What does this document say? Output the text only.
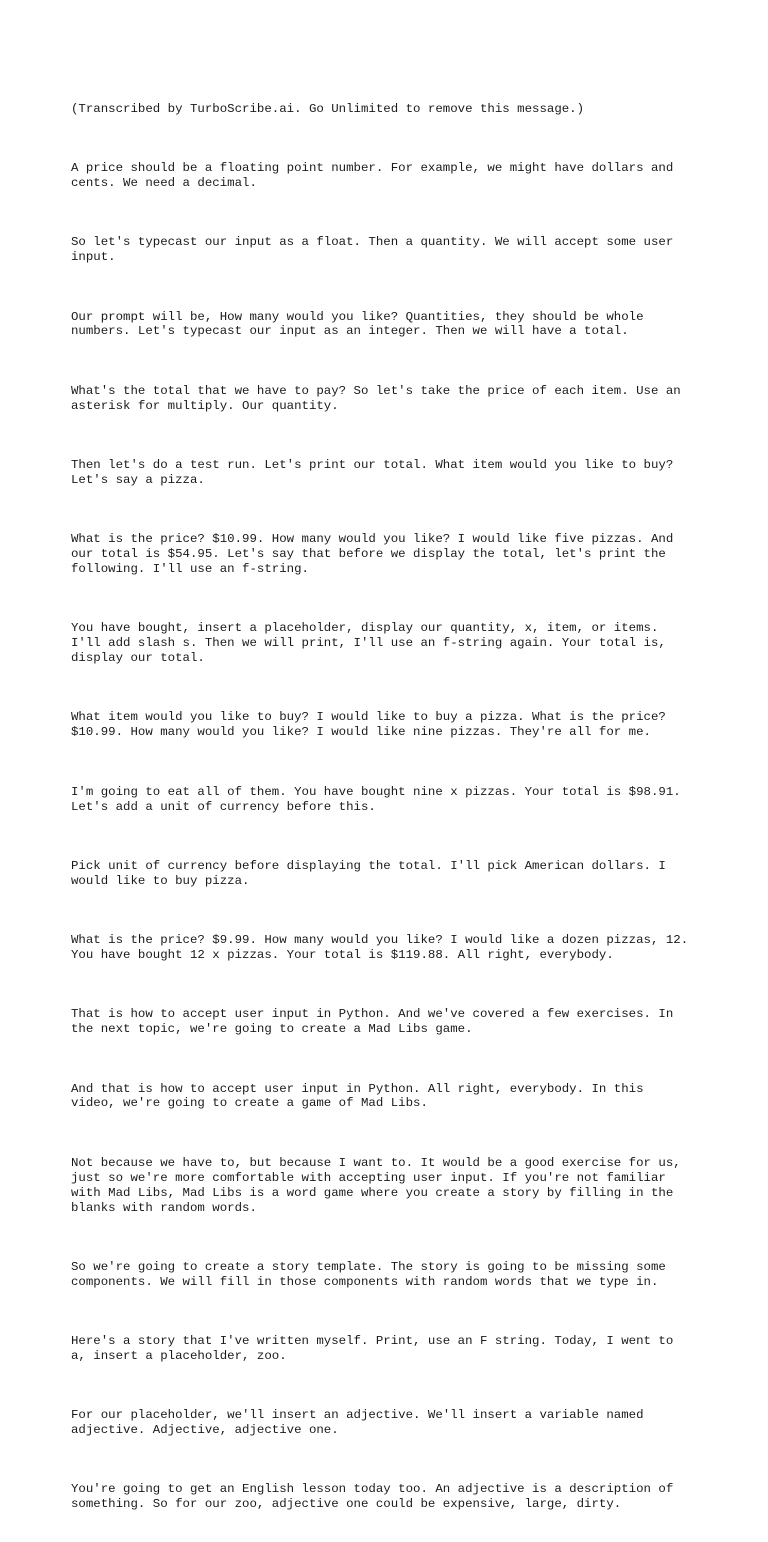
(Transcribed by TurboScribe.ai. Go Unlimited to remove this message.)

A price should be a floating point number. For example, we might have dollars and
cents. We need a decimal.

So let's typecast our input as a float. Then a quantity. We will accept some user
input.

Our prompt will be, How many would you like? Quantities, they should be whole
numbers. Let's typecast our input as an integer. Then we will have a total.

What's the total that we have to pay? So let's take the price of each item. Use an
asterisk for multiply. Our quantity.

Then let's do a test run. Let's print our total. What item would you like to buy?
Let's say a pizza.

What is the price? $10.99. How many would you like? I would like five pizzas. And
our total is $54.95. Let's say that before we display the total, let's print the
following. I'll use an f-string.

You have bought, insert a placeholder, display our quantity, x, item, or items.
I'll add slash s. Then we will print, I'll use an f-string again. Your total is,
display our total.

What item would you like to buy? I would like to buy a pizza. What is the price?
$10.99. How many would you like? I would like nine pizzas. They're all for me.

I'm going to eat all of them. You have bought nine x pizzas. Your total is $98.91.
Let's add a unit of currency before this.

Pick unit of currency before displaying the total. I'll pick American dollars. I
would like to buy pizza.

What is the price? $9.99. How many would you like? I would like a dozen pizzas, 12.
You have bought 12 x pizzas. Your total is $119.88. All right, everybody.

That is how to accept user input in Python. And we've covered a few exercises. In
the next topic, we're going to create a Mad Libs game.

And that is how to accept user input in Python. All right, everybody. In this
video, we're going to create a game of Mad Libs.

Not because we have to, but because I want to. It would be a good exercise for us,
just so we're more comfortable with accepting user input. If you're not familiar
with Mad Libs, Mad Libs is a word game where you create a story by filling in the
blanks with random words.

So we're going to create a story template. The story is going to be missing some
components. We will fill in those components with random words that we type in.

Here's a story that I've written myself. Print, use an F string. Today, I went to
a, insert a placeholder, zoo.

For our placeholder, we'll insert an adjective. We'll insert a variable named
adjective. Adjective, adjective one.

You're going to get an English lesson today too. An adjective is a description of
something. So for our zoo, adjective one could be expensive, large, dirty.
